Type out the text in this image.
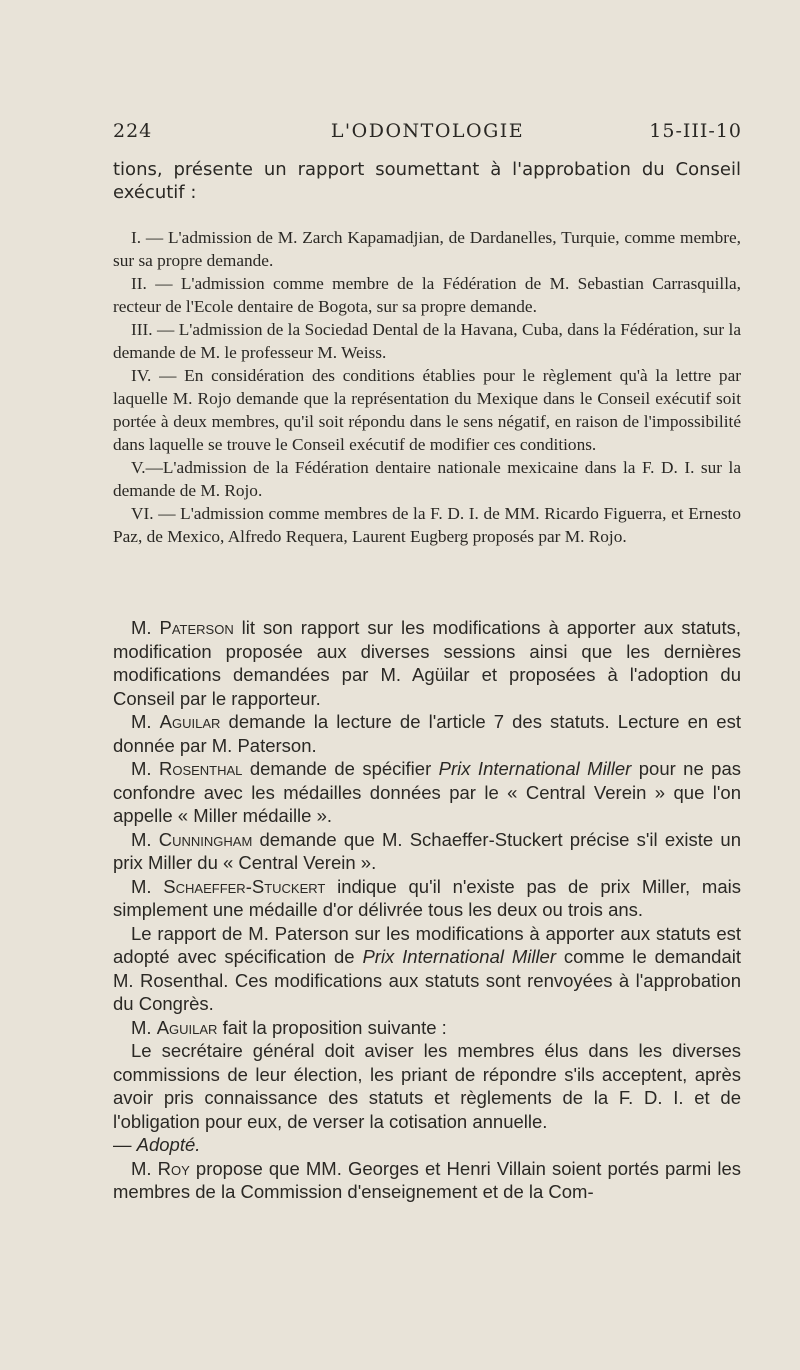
224	L'ODONTOLOGIE	15-III-10

tions, présente un rapport soumettant à l'approbation du Conseil exécutif :

I. — L'admission de M. Zarch Kapamadjian, de Dardanelles, Turquie, comme membre, sur sa propre demande.

II. — L'admission comme membre de la Fédération de M. Sebastian Carrasquilla, recteur de l'Ecole dentaire de Bogota, sur sa propre demande.

III. — L'admission de la Sociedad Dental de la Havana, Cuba, dans la Fédération, sur la demande de M. le professeur M. Weiss.

IV. — En considération des conditions établies pour le règlement qu'à la lettre par laquelle M. Rojo demande que la représentation du Mexique dans le Conseil exécutif soit portée à deux membres, qu'il soit répondu dans le sens négatif, en raison de l'impossibilité dans laquelle se trouve le Conseil exécutif de modifier ces conditions.

V.—L'admission de la Fédération dentaire nationale mexicaine dans la F. D. I. sur la demande de M. Rojo.

VI. — L'admission comme membres de la F. D. I. de MM. Ricardo Figuerra, et Ernesto Paz, de Mexico, Alfredo Requera, Laurent Eugberg proposés par M. Rojo.

M. Paterson lit son rapport sur les modifications à apporter aux statuts, modification proposée aux diverses sessions ainsi que les dernières modifications demandées par M. Agüilar et proposées à l'adoption du Conseil par le rapporteur.

M. Aguilar demande la lecture de l'article 7 des statuts. Lecture en est donnée par M. Paterson.

M. Rosenthal demande de spécifier Prix International Miller pour ne pas confondre avec les médailles données par le « Central Verein » que l'on appelle « Miller médaille ».

M. Cunningham demande que M. Schaeffer-Stuckert précise s'il existe un prix Miller du « Central Verein ».

M. Schaeffer-Stuckert indique qu'il n'existe pas de prix Miller, mais simplement une médaille d'or délivrée tous les deux ou trois ans.

Le rapport de M. Paterson sur les modifications à apporter aux statuts est adopté avec spécification de Prix International Miller comme le demandait M. Rosenthal. Ces modifications aux statuts sont renvoyées à l'approbation du Congrès.

M. Aguilar fait la proposition suivante :

Le secrétaire général doit aviser les membres élus dans les diverses commissions de leur élection, les priant de répondre s'ils acceptent, après avoir pris connaissance des statuts et règlements de la F. D. I. et de l'obligation pour eux, de verser la cotisation annuelle.
— Adopté.

M. Roy propose que MM. Georges et Henri Villain soient portés parmi les membres de la Commission d'enseignement et de la Com-
